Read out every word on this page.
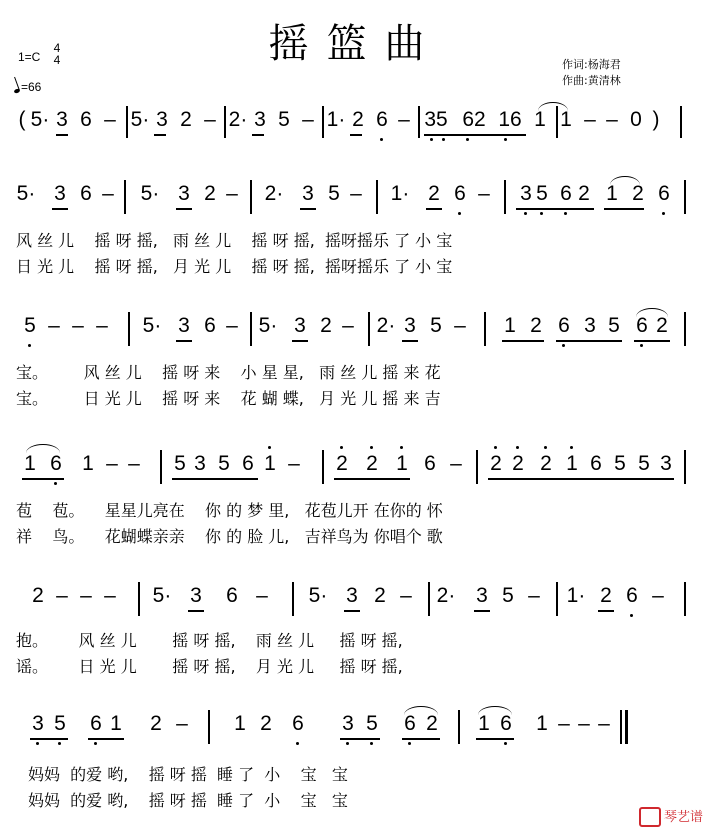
摇篮曲
1=C
4
4
=66
作词:杨海君
作曲:黄清林
( 5· 3 6 – 5· 3 2 – 2· 3 5 – 1· 2 6 – 35 62 16 1 1 – – 0 )
5· 3 6 – 5· 3 2 – 2· 3 5 – 1· 2 6 – 3 5 6 2 1 2 6
风 丝 儿    摇 呀 摇,   雨 丝 儿    摇 呀 摇,  摇呀摇乐 了 小 宝
日 光 儿    摇 呀 摇,   月 光 儿    摇 呀 摇,  摇呀摇乐 了 小 宝
5 – – – 5· 3 6 – 5· 3 2 – 2· 3 5 – 1 2 6 3 5 6 2
宝。       风 丝 儿    摇 呀 来    小 星 星,   雨 丝 儿 摇 来 花
宝。       日 光 儿    摇 呀 来    花 蝴 蝶,   月 光 儿 摇 来 吉
1 6 1 – – 5 3 5 6 1 – 2 2 1 6 – 2 2 2 1 6 5 5 3
苞    苞。    星星儿亮在    你 的 梦 里,   花苞儿开 在你的 怀
祥    鸟。    花蝴蝶亲亲    你 的 脸 儿,   吉祥鸟为 你唱个 歌
2 – – – 5· 3 6 – 5· 3 2 – 2· 3 5 – 1· 2 6 –
抱。      风 丝 儿       摇 呀 摇,    雨 丝 儿     摇 呀 摇,
谣。      日 光 儿       摇 呀 摇,    月 光 儿     摇 呀 摇,
3 5 6 1 2 – 1 2 6 3 5 6 2 1 6 1 – – –
妈妈  的爱 哟,    摇 呀 摇  睡 了  小    宝   宝
妈妈  的爱 哟,    摇 呀 摇  睡 了  小    宝   宝
琴艺谱
